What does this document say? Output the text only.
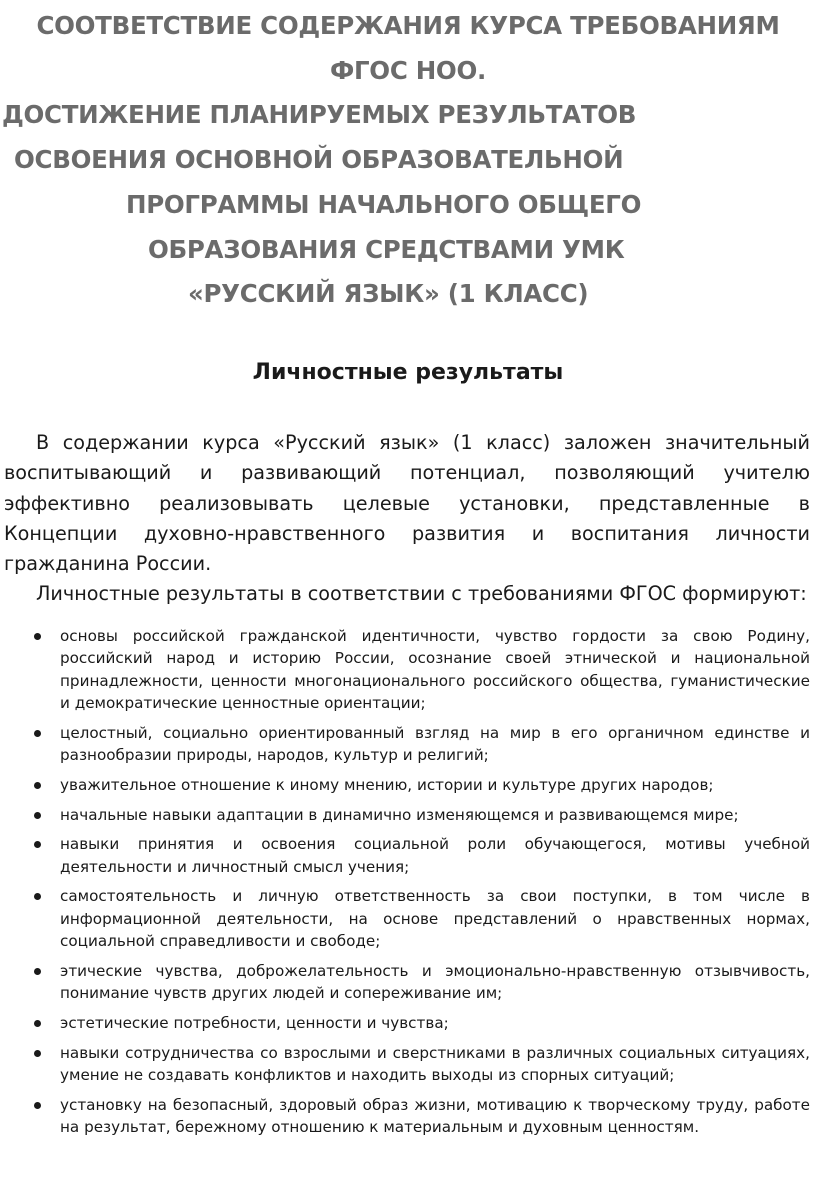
СООТВЕТСТВИЕ СОДЕРЖАНИЯ КУРСА ТРЕБОВАНИЯМ
ФГОС НОО.
ДОСТИЖЕНИЕ ПЛАНИРУЕМЫХ РЕЗУЛЬТАТОВ
ОСВОЕНИЯ ОСНОВНОЙ ОБРАЗОВАТЕЛЬНОЙ
ПРОГРАММЫ НАЧАЛЬНОГО ОБЩЕГО
ОБРАЗОВАНИЯ СРЕДСТВАМИ УМК
«РУССКИЙ ЯЗЫК» (1 КЛАСС)
Личностные результаты

В содержании курса «Русский язык» (1 класс) заложен значительный воспитывающий и развивающий потенциал, позволяющий учителю эффективно реализовывать целевые установки, представленные в Концепции духовно-нравственного развития и воспитания личности гражданина России.

Личностные результаты в соответствии с требованиями ФГОС формируют:

основы российской гражданской идентичности, чувство гордости за свою Родину, российский народ и историю России, осознание своей этнической и национальной принадлежности, ценности многонационального российского общества, гуманистические и демократические ценностные ориентации;
целостный, социально ориентированный взгляд на мир в его органичном единстве и разнообразии природы, народов, культур и религий;
уважительное отношение к иному мнению, истории и культуре других народов;
начальные навыки адаптации в динамично изменяющемся и развивающемся мире;
навыки принятия и освоения социальной роли обучающегося, мотивы учебной деятельности и личностный смысл учения;
самостоятельность и личную ответственность за свои поступки, в том числе в информационной деятельности, на основе представлений о нравственных нормах, социальной справедливости и свободе;
этические чувства, доброжелательность и эмоционально-нравственную отзывчивость, понимание чувств других людей и сопереживание им;
эстетические потребности, ценности и чувства;
навыки сотрудничества со взрослыми и сверстниками в различных социальных ситуациях, умение не создавать конфликтов и находить выходы из спорных ситуаций;
установку на безопасный, здоровый образ жизни, мотивацию к творческому труду, работе на результат, бережному отношению к материальным и духовным ценностям.
